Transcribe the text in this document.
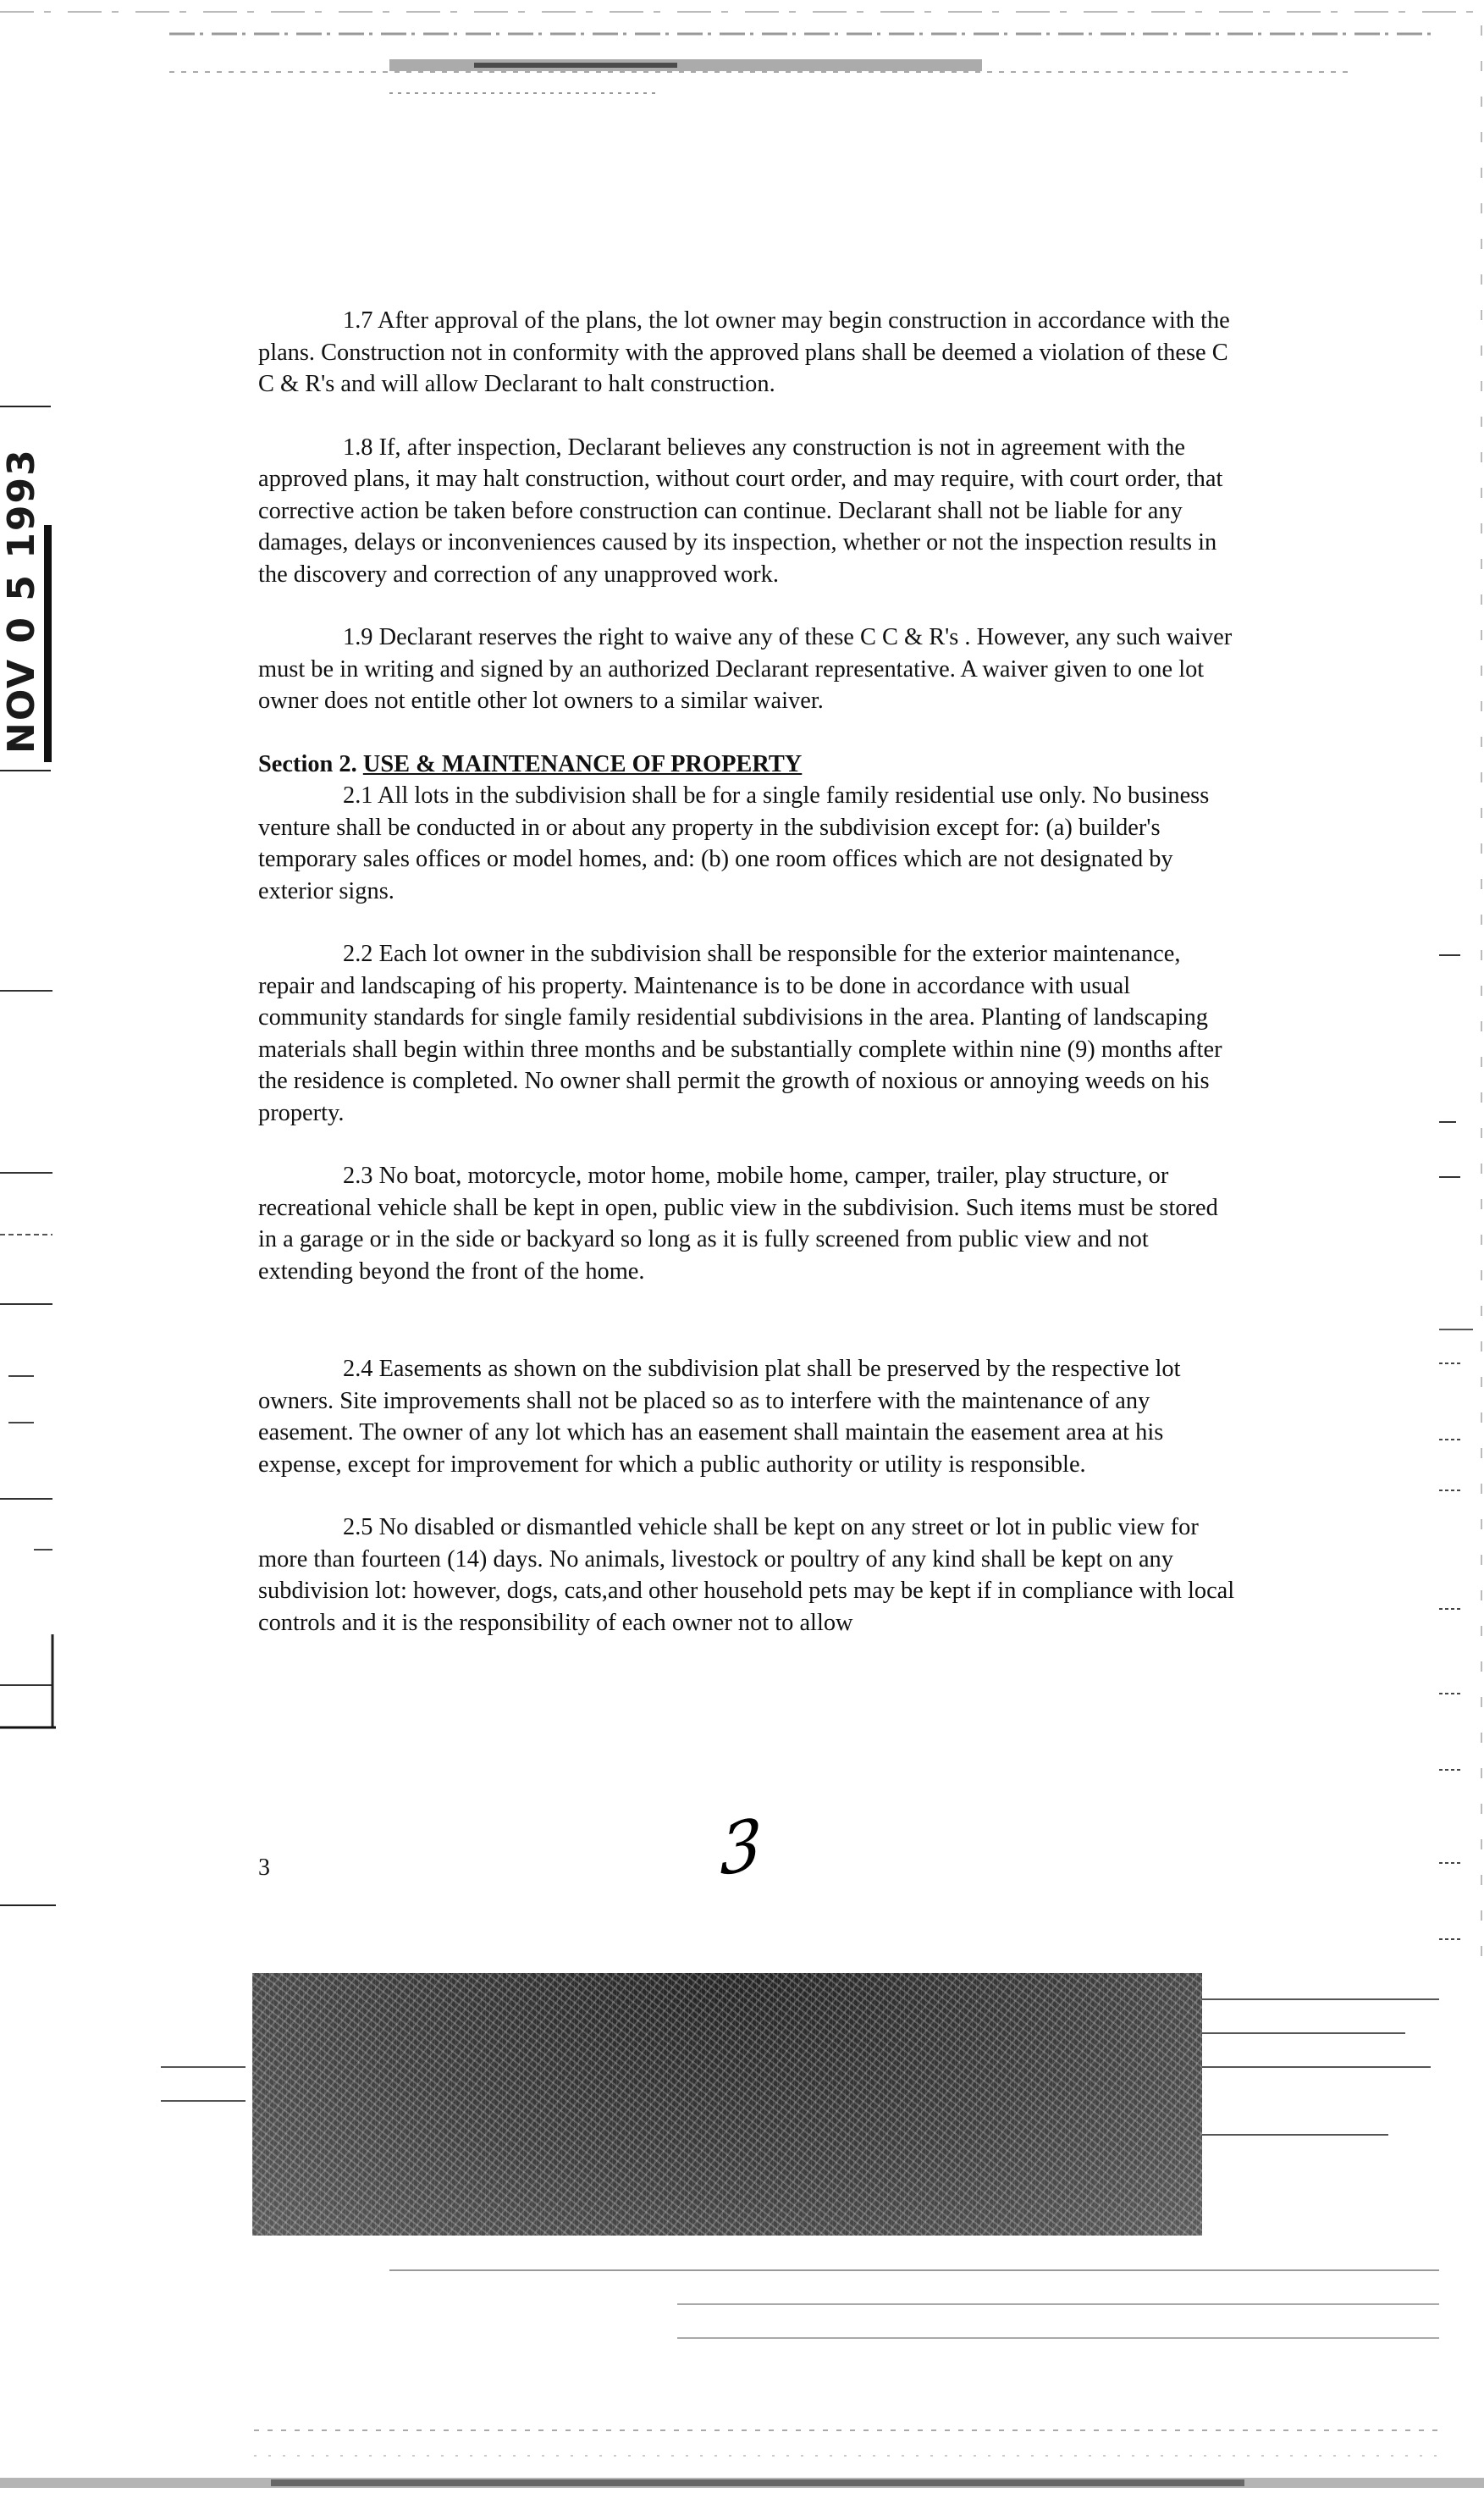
NOV 0 5 1993

1.7 After approval of the plans, the lot owner may begin construction in accordance with the plans. Construction not in conformity with the approved plans shall be deemed a violation of these C C & R's and will allow Declarant to halt construction.

1.8 If, after inspection, Declarant believes any construction is not in agreement with the approved plans, it may halt construction, without court order, and may require, with court order, that corrective action be taken before construction can continue. Declarant shall not be liable for any damages, delays or inconveniences caused by its inspection, whether or not the inspection results in the discovery and correction of any unapproved work.

1.9 Declarant reserves the right to waive any of these C C & R's . However, any such waiver must be in writing and signed by an authorized Declarant representative. A waiver given to one lot owner does not entitle other lot owners to a similar waiver.

Section 2. USE & MAINTENANCE OF PROPERTY

2.1 All lots in the subdivision shall be for a single family residential use only. No business venture shall be conducted in or about any property in the subdivision except for: (a) builder's temporary sales offices or model homes, and: (b) one room offices which are not designated by exterior signs.

2.2 Each lot owner in the subdivision shall be responsible for the exterior maintenance, repair and landscaping of his property. Maintenance is to be done in accordance with usual community standards for single family residential subdivisions in the area. Planting of landscaping materials shall begin within three months and be substantially complete within nine (9) months after the residence is completed. No owner shall permit the growth of noxious or annoying weeds on his property.

2.3 No boat, motorcycle, motor home, mobile home, camper, trailer, play structure, or recreational vehicle shall be kept in open, public view in the subdivision. Such items must be stored in a garage or in the side or backyard so long as it is fully screened from public view and not extending beyond the front of the home.

2.4 Easements as shown on the subdivision plat shall be preserved by the respective lot owners. Site improvements shall not be placed so as to interfere with the maintenance of any easement. The owner of any lot which has an easement shall maintain the easement area at his expense, except for improvement for which a public authority or utility is responsible.

2.5 No disabled or dismantled vehicle shall be kept on any street or lot in public view for more than fourteen (14) days. No animals, livestock or poultry of any kind shall be kept on any subdivision lot: however, dogs, cats,and other household pets may be kept if in compliance with local controls and it is the responsibility of each owner not to allow

3	3
